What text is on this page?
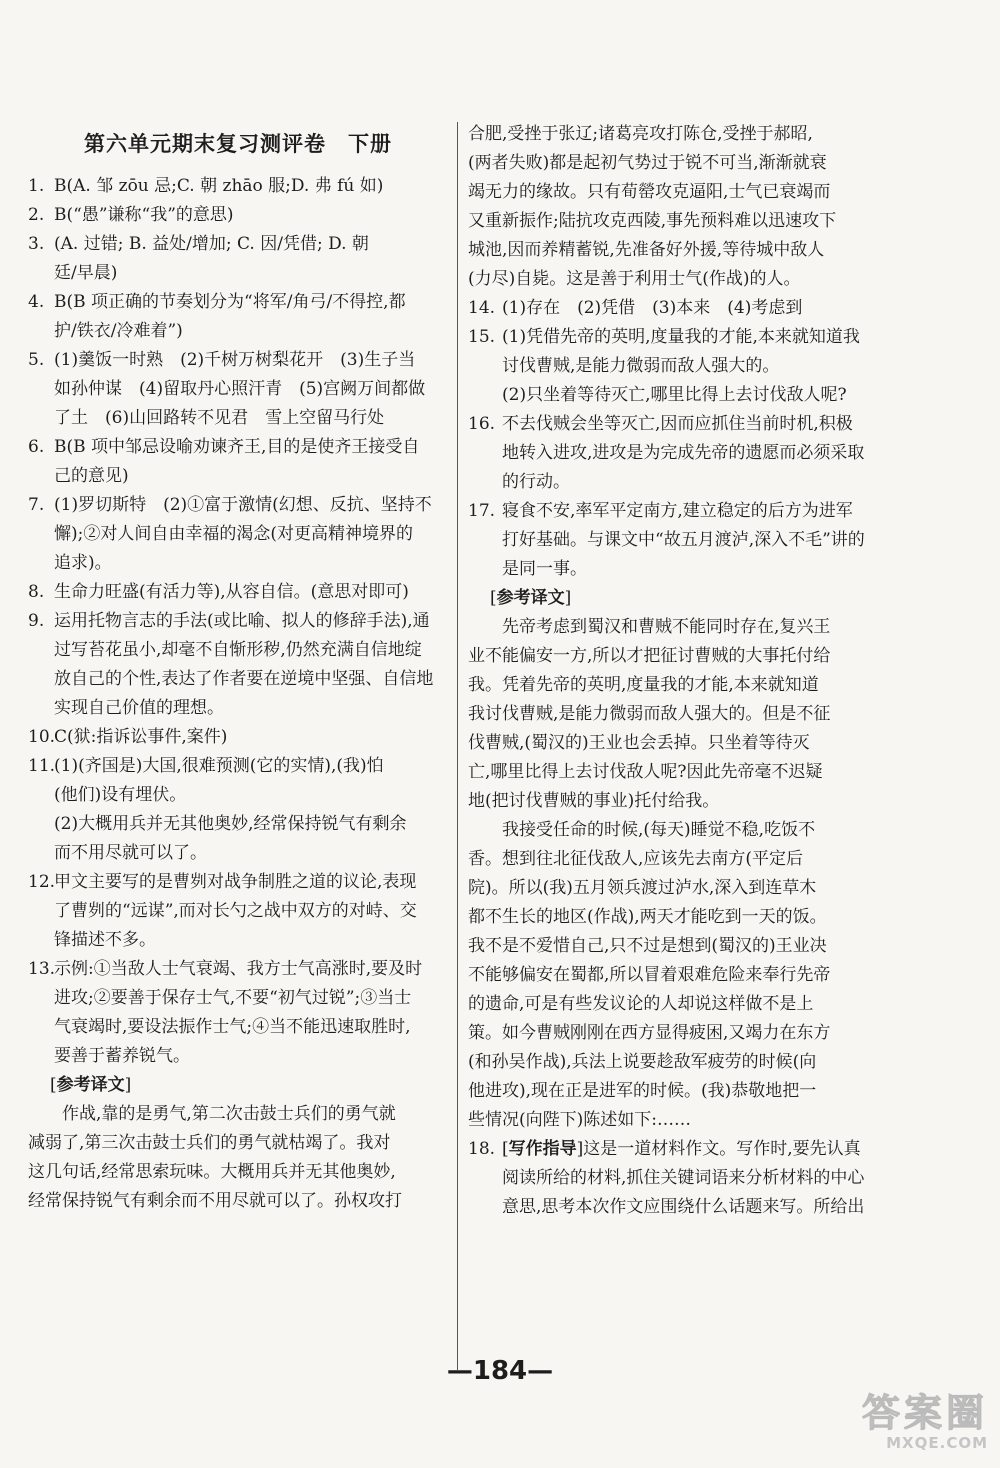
第六单元期末复习测评卷　下册
1. B(A. 邹 zōu 忌;C. 朝 zhāo 服;D. 弗 fú 如)
2. B(“愚”谦称“我”的意思)
3. (A. 过错; B. 益处/增加; C. 因/凭借; D. 朝
廷/早晨)
4. B(B 项正确的节奏划分为“将军/角弓/不得控,都
护/铁衣/冷难着”)
5. (1)羹饭一时熟　(2)千树万树梨花开　(3)生子当
如孙仲谋　(4)留取丹心照汗青　(5)宫阙万间都做
了土　(6)山回路转不见君　雪上空留马行处
6. B(B 项中邹忌设喻劝谏齐王,目的是使齐王接受自
己的意见)
7. (1)罗切斯特　(2)①富于激情(幻想、反抗、坚持不
懈);②对人间自由幸福的渴念(对更高精神境界的
追求)。
8. 生命力旺盛(有活力等),从容自信。(意思对即可)
9. 运用托物言志的手法(或比喻、拟人的修辞手法),通
过写苔花虽小,却毫不自惭形秽,仍然充满自信地绽
放自己的个性,表达了作者要在逆境中坚强、自信地
实现自己价值的理想。
10.
C(狱:指诉讼事件,案件)
11.
(1)(齐国是)大国,很难预测(它的实情),(我)怕
(他们)设有埋伏。
(2)大概用兵并无其他奥妙,经常保持锐气有剩余
而不用尽就可以了。
12.
甲文主要写的是曹刿对战争制胜之道的议论,表现
了曹刿的“远谋”,而对长勺之战中双方的对峙、交
锋描述不多。
13.
示例:①当敌人士气衰竭、我方士气高涨时,要及时
进攻;②要善于保存士气,不要“初气过锐”;③当士
气衰竭时,要设法振作士气;④当不能迅速取胜时,
要善于蓄养锐气。
[ 参考译文 ]

作战,靠的是勇气,第二次击鼓士兵们的勇气就
减弱了,第三次击鼓士兵们的勇气就枯竭了。我对
这几句话,经常思索玩味。大概用兵并无其他奥妙,
经常保持锐气有剩余而不用尽就可以了。孙权攻打

合肥,受挫于张辽;诸葛亮攻打陈仓,受挫于郝昭,
(两者失败)都是起初气势过于锐不可当,渐渐就衰
竭无力的缘故。只有荀罃攻克逼阳,士气已衰竭而
又重新振作;陆抗攻克西陵,事先预料难以迅速攻下
城池,因而养精蓄锐,先准备好外援,等待城中敌人
(力尽)自毙。这是善于利用士气(作战)的人。

14. (1)存在　(2)凭借　(3)本来　(4)考虑到
15. (1)凭借先帝的英明,度量我的才能,本来就知道我
讨伐曹贼,是能力微弱而敌人强大的。
(2)只坐着等待灭亡,哪里比得上去讨伐敌人呢?
16. 不去伐贼会坐等灭亡,因而应抓住当前时机,积极
地转入进攻,进攻是为完成先帝的遗愿而必须采取
的行动。
17. 寝食不安,率军平定南方,建立稳定的后方为进军
打好基础。与课文中“故五月渡泸,深入不毛”讲的
是同一事。
[ 参考译文 ]

先帝考虑到蜀汉和曹贼不能同时存在,复兴王
业不能偏安一方,所以才把征讨曹贼的大事托付给
我。凭着先帝的英明,度量我的才能,本来就知道
我讨伐曹贼,是能力微弱而敌人强大的。但是不征
伐曹贼,(蜀汉的)王业也会丢掉。只坐着等待灭
亡,哪里比得上去讨伐敌人呢?因此先帝毫不迟疑
地(把讨伐曹贼的事业)托付给我。

我接受任命的时候,(每天)睡觉不稳,吃饭不
香。想到往北征伐敌人,应该先去南方(平定后
院)。所以(我)五月领兵渡过泸水,深入到连草木
都不生长的地区(作战),两天才能吃到一天的饭。
我不是不爱惜自己,只不过是想到(蜀汉的)王业决
不能够偏安在蜀都,所以冒着艰难危险来奉行先帝
的遗命,可是有些发议论的人却说这样做不是上
策。如今曹贼刚刚在西方显得疲困,又竭力在东方
(和孙吴作战),兵法上说要趁敌军疲劳的时候(向
他进攻),现在正是进军的时候。(我)恭敬地把一
些情况(向陛下)陈述如下:……

18.
[ 写作指导 ] 这是一道材料作文。写作时,要先认真
阅读所给的材料,抓住关键词语来分析材料的中心
意思,思考本次作文应围绕什么话题来写。所给出
—184—
答案圈
MXQE.COM
